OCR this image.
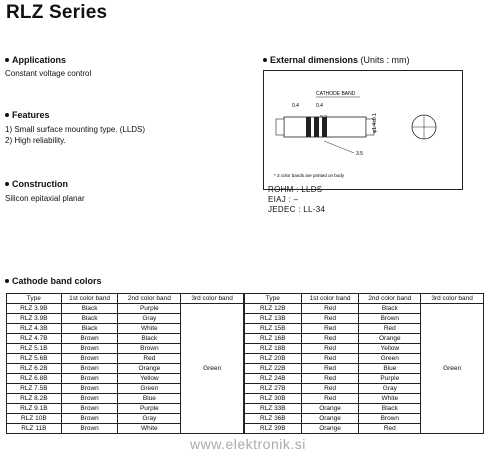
RLZ Series
Applications
Constant voltage control
External dimensions (Units : mm)
CATHODE BAND
0.4	0.4
3.5
φ1.4±0.1
* 3 color bands are printed on body
ROHM : LLDS
EIAJ : –
JEDEC : LL-34
Features
1) Small surface mounting type. (LLDS)
2) High reliability.
Construction
Silicon epitaxial planar
Cathode band colors
Type	1st color band	2nd color band	3rd color band
RLZ 3.9B	Black	Purple	Green
RLZ 3.9B	Black	Gray	
RLZ 4.3B	Black	White	
RLZ 4.7B	Brown	Black	
RLZ 5.1B	Brown	Brown	
RLZ 5.6B	Brown	Red	
RLZ 6.2B	Brown	Orange	
RLZ 6.8B	Brown	Yellow	
RLZ 7.5B	Brown	Green	
RLZ 8.2B	Brown	Blue	
RLZ 9.1B	Brown	Purple	
RLZ 10B	Brown	Gray	
RLZ 11B	Brown	White	
Type	1st color band	2nd color band	3rd color band
RLZ 12B	Red	Black	Green
RLZ 13B	Red	Brown	
RLZ 15B	Red	Red	
RLZ 16B	Red	Orange	
RLZ 18B	Red	Yellow	
RLZ 20B	Red	Green	
RLZ 22B	Red	Blue	
RLZ 24B	Red	Purple	
RLZ 27B	Red	Gray	
RLZ 30B	Red	White	
RLZ 33B	Orange	Black	
RLZ 36B	Orange	Brown	
RLZ 39B	Orange	Red	
www.elektronik.si
